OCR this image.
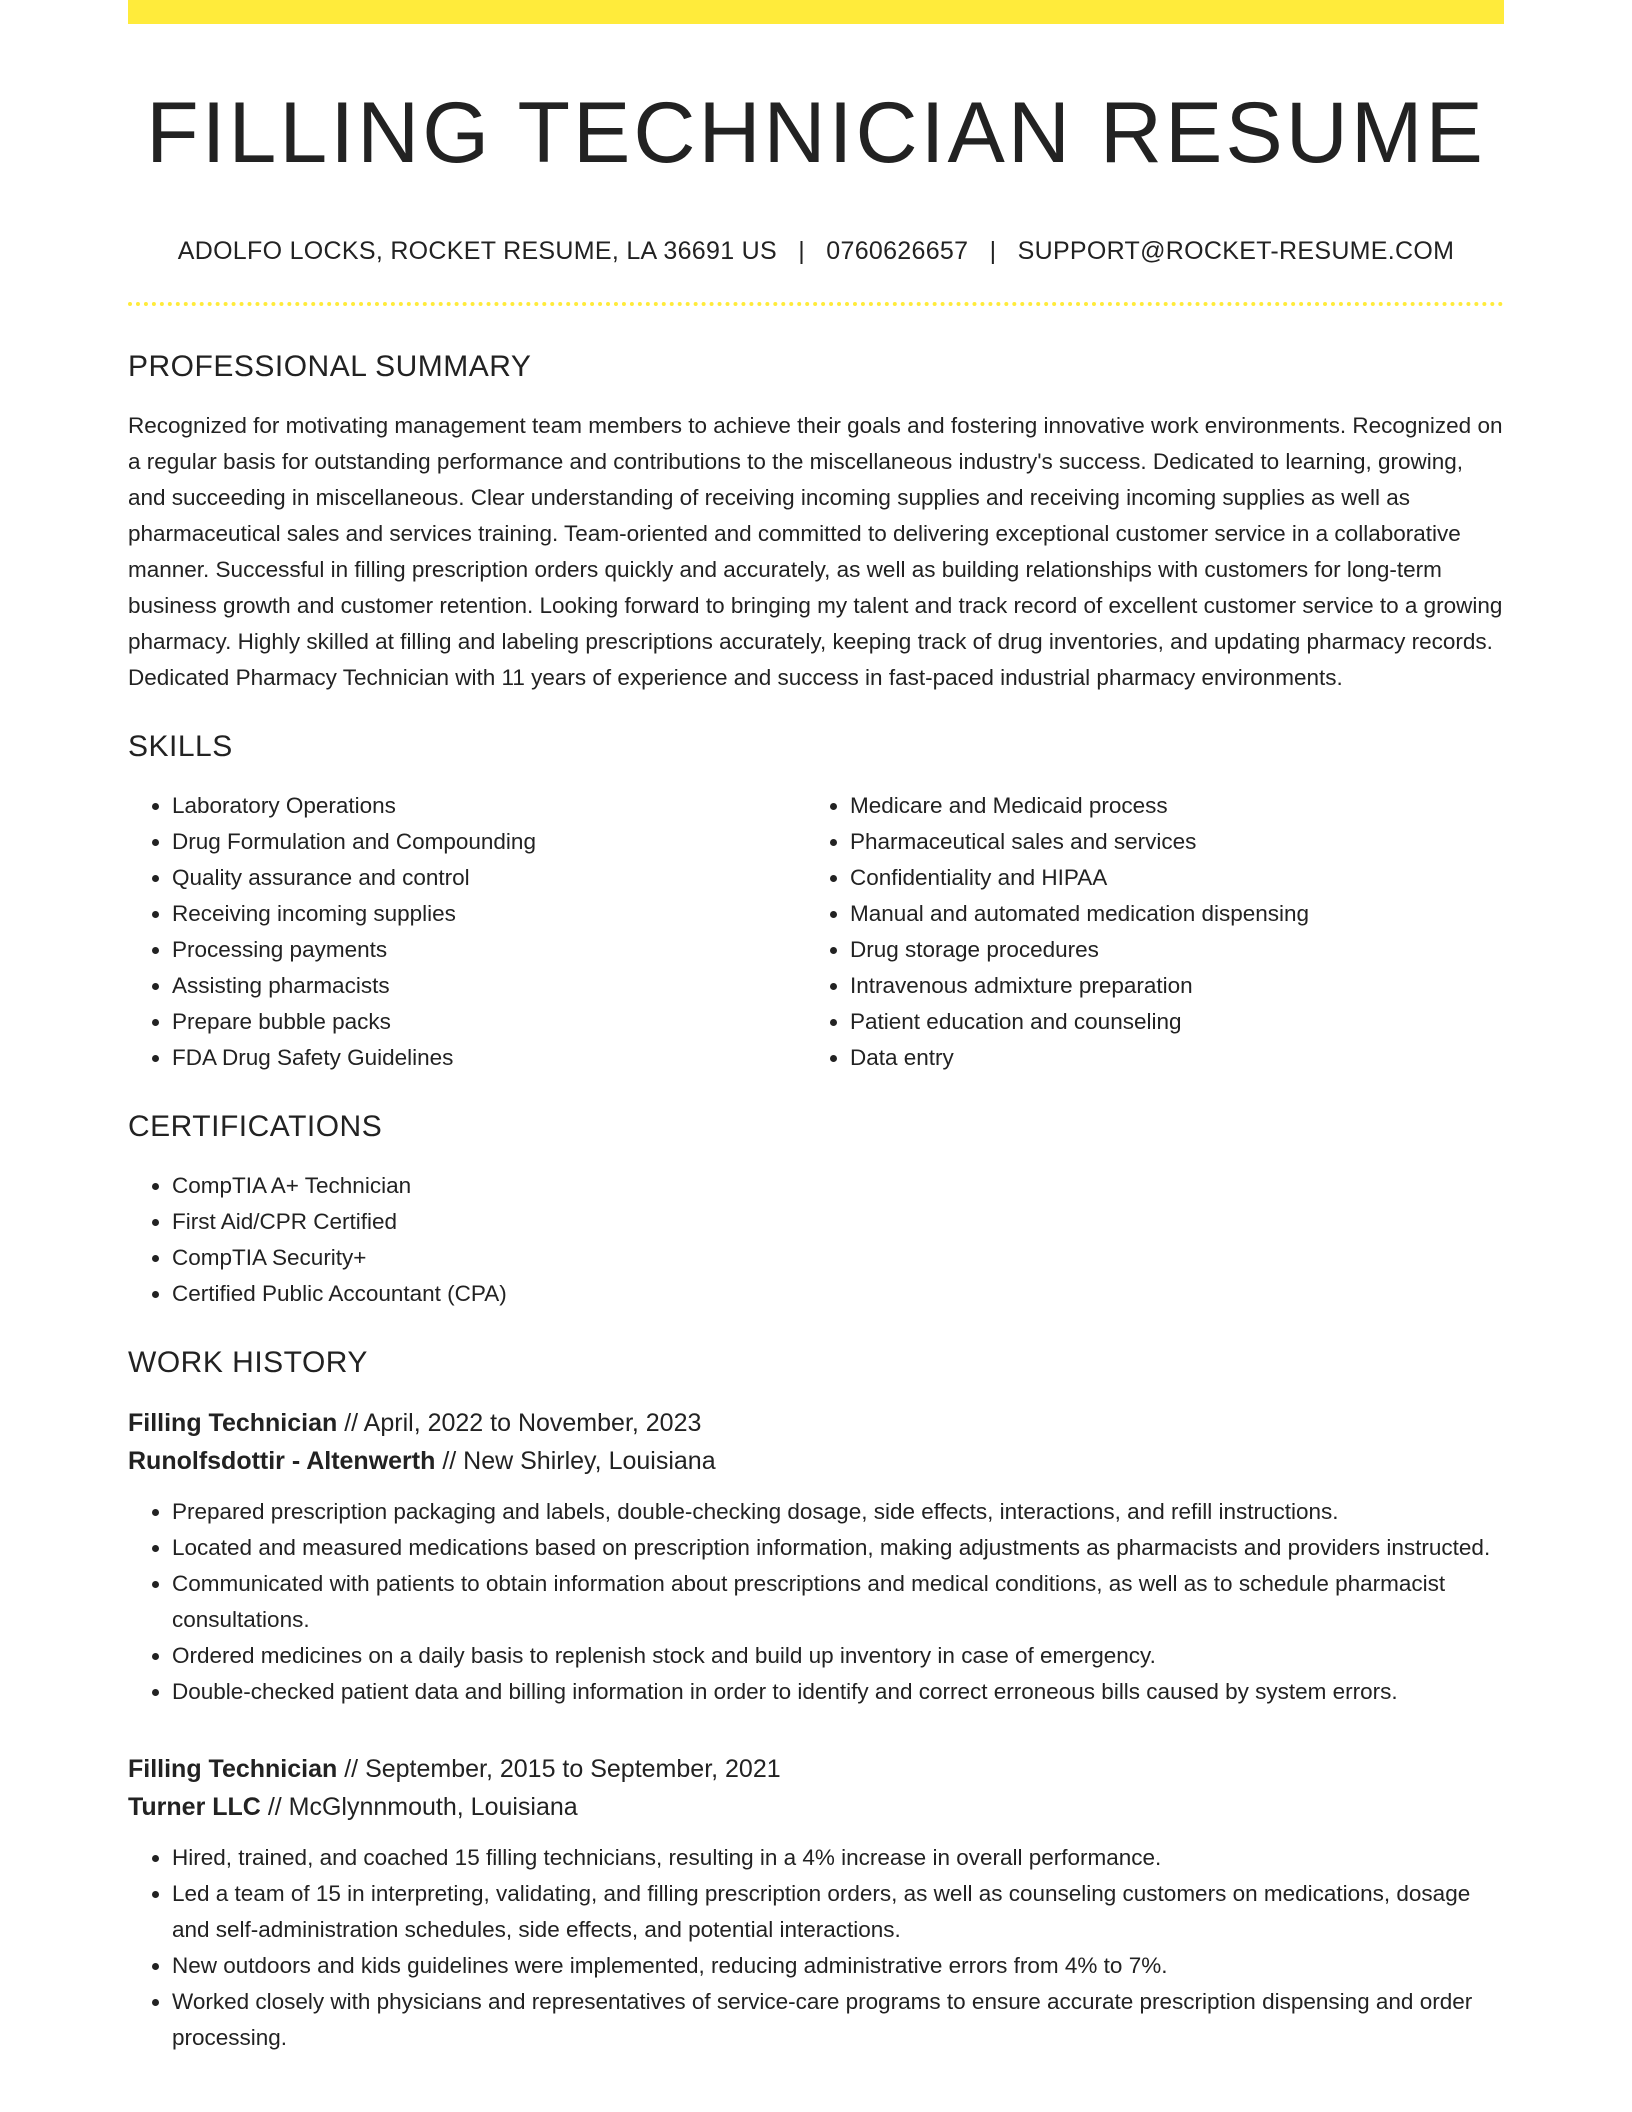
FILLING TECHNICIAN RESUME
ADOLFO LOCKS, ROCKET RESUME, LA 36691 US | 0760626657 | SUPPORT@ROCKET-RESUME.COM
PROFESSIONAL SUMMARY
Recognized for motivating management team members to achieve their goals and fostering innovative work environments. Recognized on a regular basis for outstanding performance and contributions to the miscellaneous industry's success. Dedicated to learning, growing, and succeeding in miscellaneous. Clear understanding of receiving incoming supplies and receiving incoming supplies as well as pharmaceutical sales and services training. Team-oriented and committed to delivering exceptional customer service in a collaborative manner. Successful in filling prescription orders quickly and accurately, as well as building relationships with customers for long-term business growth and customer retention. Looking forward to bringing my talent and track record of excellent customer service to a growing pharmacy. Highly skilled at filling and labeling prescriptions accurately, keeping track of drug inventories, and updating pharmacy records. Dedicated Pharmacy Technician with 11 years of experience and success in fast-paced industrial pharmacy environments.
SKILLS
• Laboratory Operations
• Drug Formulation and Compounding
• Quality assurance and control
• Receiving incoming supplies
• Processing payments
• Assisting pharmacists
• Prepare bubble packs
• FDA Drug Safety Guidelines
• Medicare and Medicaid process
• Pharmaceutical sales and services
• Confidentiality and HIPAA
• Manual and automated medication dispensing
• Drug storage procedures
• Intravenous admixture preparation
• Patient education and counseling
• Data entry
CERTIFICATIONS
• CompTIA A+ Technician
• First Aid/CPR Certified
• CompTIA Security+
• Certified Public Accountant (CPA)
WORK HISTORY
Filling Technician // April, 2022 to November, 2023
Runolfsdottir - Altenwerth // New Shirley, Louisiana
• Prepared prescription packaging and labels, double-checking dosage, side effects, interactions, and refill instructions.
• Located and measured medications based on prescription information, making adjustments as pharmacists and providers instructed.
• Communicated with patients to obtain information about prescriptions and medical conditions, as well as to schedule pharmacist consultations.
• Ordered medicines on a daily basis to replenish stock and build up inventory in case of emergency.
• Double-checked patient data and billing information in order to identify and correct erroneous bills caused by system errors.
Filling Technician // September, 2015 to September, 2021
Turner LLC // McGlynnmouth, Louisiana
• Hired, trained, and coached 15 filling technicians, resulting in a 4% increase in overall performance.
• Led a team of 15 in interpreting, validating, and filling prescription orders, as well as counseling customers on medications, dosage and self-administration schedules, side effects, and potential interactions.
• New outdoors and kids guidelines were implemented, reducing administrative errors from 4% to 7%.
• Worked closely with physicians and representatives of service-care programs to ensure accurate prescription dispensing and order processing.
